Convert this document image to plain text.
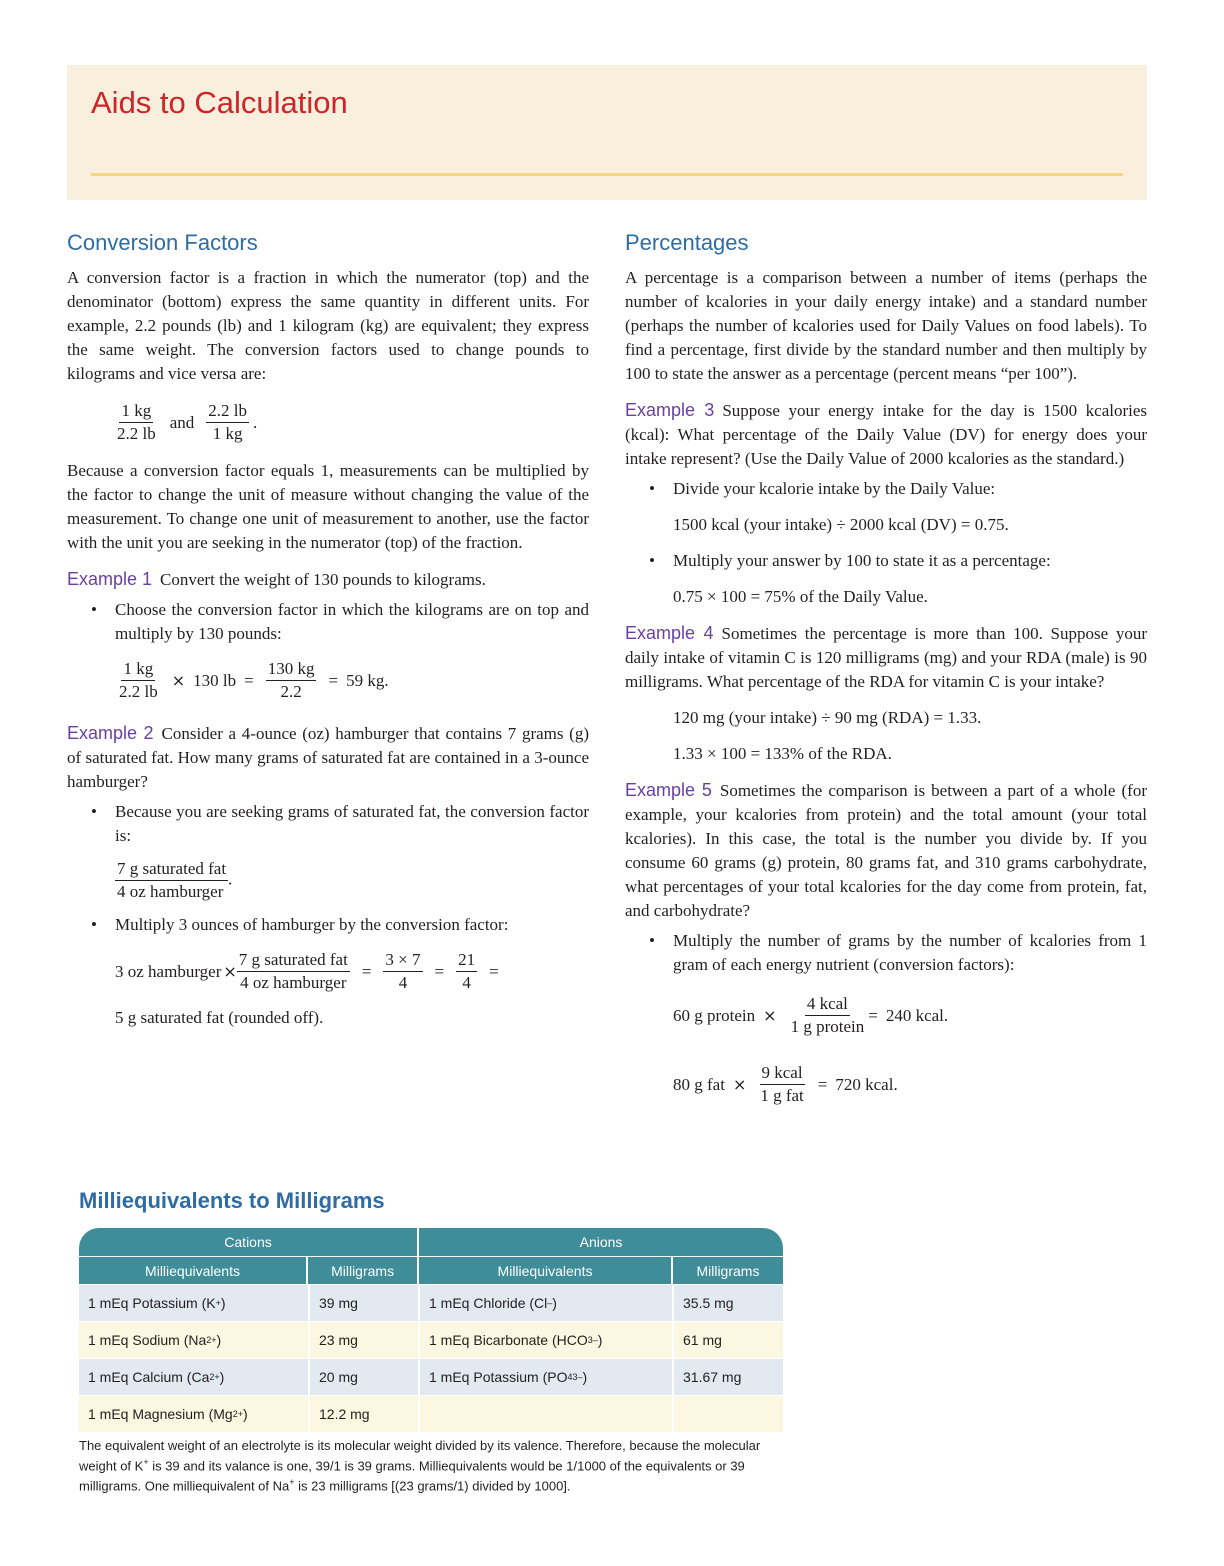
Aids to Calculation
Conversion Factors

A conversion factor is a fraction in which the numerator (top) and the denominator (bottom) express the same quantity in different units. For example, 2.2 pounds (lb) and 1 kilogram (kg) are equivalent; they express the same weight. The conversion factors used to change pounds to kilograms and vice versa are:

$\frac{1 kg}{2.2 lb}$ and $\frac{2.2 lb}{1 kg}$ .

Because a conversion factor equals 1, measurements can be multiplied by the factor to change the unit of measure without changing the value of the measurement. To change one unit of measurement to another, use the factor with the unit you are seeking in the numerator (top) of the fraction.

Example 1 Convert the weight of 130 pounds to kilograms.

• Choose the conversion factor in which the kilograms are on top and multiply by 130 pounds:
$\frac{1 kg}{2.2 lb} \times 130$ lb = $\frac{130 kg}{2.2} = 59$ kg.

Example 2 Consider a 4-ounce (oz) hamburger that contains 7 grams (g) of saturated fat. How many grams of saturated fat are contained in a 3-ounce hamburger?

• Because you are seeking grams of saturated fat, the conversion factor is:
$\frac{\text{7 g saturated fat}}{\text{4 oz hamburger}}$ .
• Multiply 3 ounces of hamburger by the conversion factor:
3 oz hamburger × $\frac{\text{7 g saturated fat}}{\text{4 oz hamburger}} = \frac{3 \times 7}{4} = \frac{21}{4}$ =
5 g saturated fat (rounded off).
Percentages

A percentage is a comparison between a number of items (perhaps the number of kcalories in your daily energy intake) and a standard number (perhaps the number of kcalories used for Daily Values on food labels). To find a percentage, first divide by the standard number and then multiply by 100 to state the answer as a percentage (percent means “per 100”).

Example 3 Suppose your energy intake for the day is 1500 kcalories (kcal): What percentage of the Daily Value (DV) for energy does your intake represent? (Use the Daily Value of 2000 kcalories as the standard.)

• Divide your kcalorie intake by the Daily Value:
1500 kcal (your intake) ÷ 2000 kcal (DV) = 0.75.
• Multiply your answer by 100 to state it as a percentage:
0.75 × 100 = 75% of the Daily Value.

Example 4 Sometimes the percentage is more than 100. Suppose your daily intake of vitamin C is 120 milligrams (mg) and your RDA (male) is 90 milligrams. What percentage of the RDA for vitamin C is your intake?

120 mg (your intake) ÷ 90 mg (RDA) = 1.33.
1.33 × 100 = 133% of the RDA.

Example 5 Sometimes the comparison is between a part of a whole (for example, your kcalories from protein) and the total amount (your total kcalories). In this case, the total is the number you divide by. If you consume 60 grams (g) protein, 80 grams fat, and 310 grams carbohydrate, what percentages of your total kcalories for the day come from protein, fat, and carbohydrate?

• Multiply the number of grams by the number of kcalories from 1 gram of each energy nutrient (conversion factors):
60 g protein × $\frac{\text{4 kcal}}{\text{1 g protein}} = 240$ kcal.
80 g fat × $\frac{\text{9 kcal}}{\text{1 g fat}} = 720$ kcal.
Milliequivalents to Milligrams
Cations	Anions
Milliequivalents	Milligrams	Milliequivalents	Milligrams
1 mEq Potassium (K + )	39 mg	1 mEq Chloride (Cl – )	35.5 mg
1 mEq Sodium (Na 2+ )	23 mg	1 mEq Bicarbonate (HCO 3 – )	61 mg
1 mEq Calcium (Ca 2+ )	20 mg	1 mEq Potassium (PO 4 3– )	31.67 mg
1 mEq Magnesium (Mg 2+ )	12.2 mg
The equivalent weight of an electrolyte is its molecular weight divided by its valence. Therefore, because the molecular weight of K+ is 39 and its valance is one, 39/1 is 39 grams. Milliequivalents would be 1/1000 of the equivalents or 39 milligrams. One milliequivalent of Na+ is 23 milligrams [(23 grams/1) divided by 1000].
